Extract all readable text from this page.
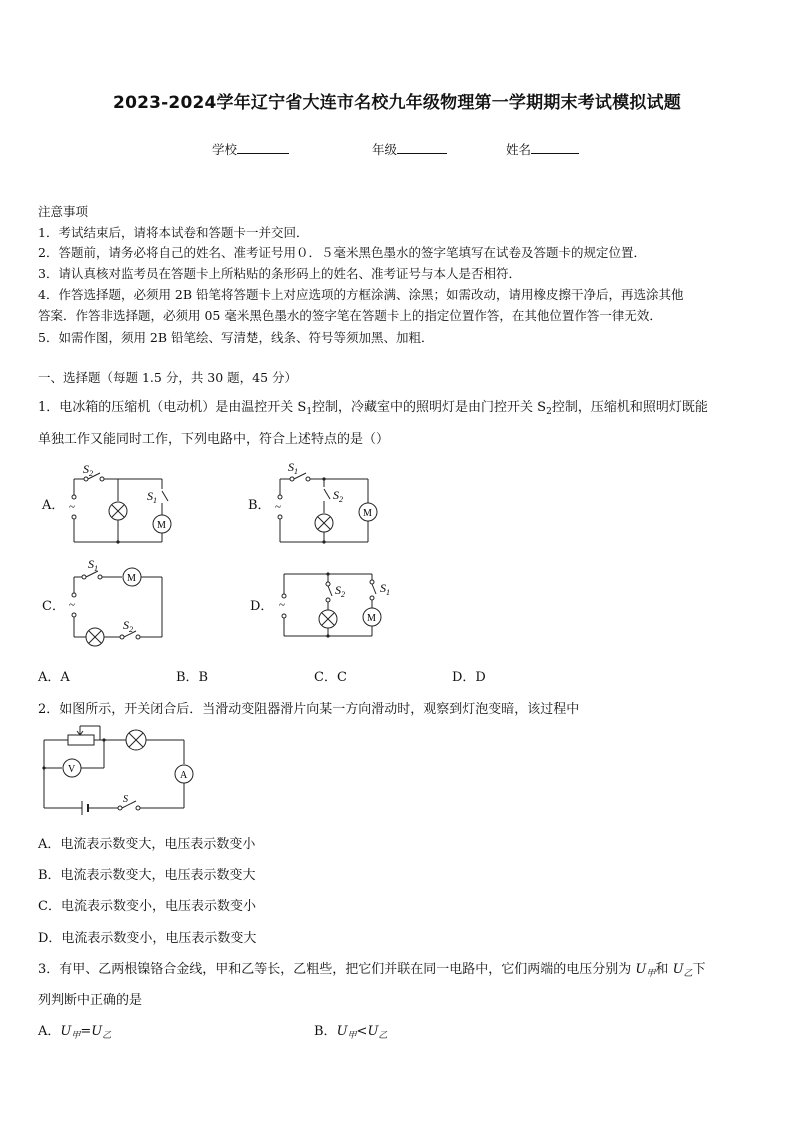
2023-2024学年辽宁省大连市名校九年级物理第一学期期末考试模拟试题
学校	年级	姓名
注意事项
1．考试结束后，请将本试卷和答题卡一并交回．
2．答题前，请务必将自己的姓名、准考证号用０．５毫米黑色墨水的签字笔填写在试卷及答题卡的规定位置．
3．请认真核对监考员在答题卡上所粘贴的条形码上的姓名、准考证号与本人是否相符．
4．作答选择题，必须用 2B 铅笔将答题卡上对应选项的方框涂满、涂黑；如需改动，请用橡皮擦干净后，再选涂其他
答案．作答非选择题，必须用 05 毫米黑色墨水的签字笔在答题卡上的指定位置作答，在其他位置作答一律无效．
5．如需作图，须用 2B 铅笔绘、写清楚，线条、符号等须加黑、加粗．
一、选择题（每题 1.5 分，共 30 题，45 分）
1．电冰箱的压缩机（电动机）是由温控开关 $S_1$控制，冷藏室中的照明灯是由门控开关 $S_2$控制，压缩机和照明灯既能
单独工作又能同时工作，下列电路中，符合上述特点的是（）
A．	B．
C．	D．
~
$S_2$
$S_1$
M
~
$S_1$
$S_2$
M
~
$S_1$
$S_2$
M
~
$S_2$	$S_1$
M
A．A	B．B	C．C	D．D
2．如图所示，开关闭合后．当滑动变阻器滑片向某一方向滑动时，观察到灯泡变暗，该过程中
V
A
S
A．电流表示数变大，电压表示数变小
B．电流表示数变大，电压表示数变大
C．电流表示数变小，电压表示数变小
D．电流表示数变小，电压表示数变大
3．有甲、乙两根镍铬合金线，甲和乙等长，乙粗些，把它们并联在同一电路中，它们两端的电压分别为 $U_甲$和 $U_乙$下
列判断中正确的是
A．$U_甲=U_乙$	B．$U_甲<U_乙$
